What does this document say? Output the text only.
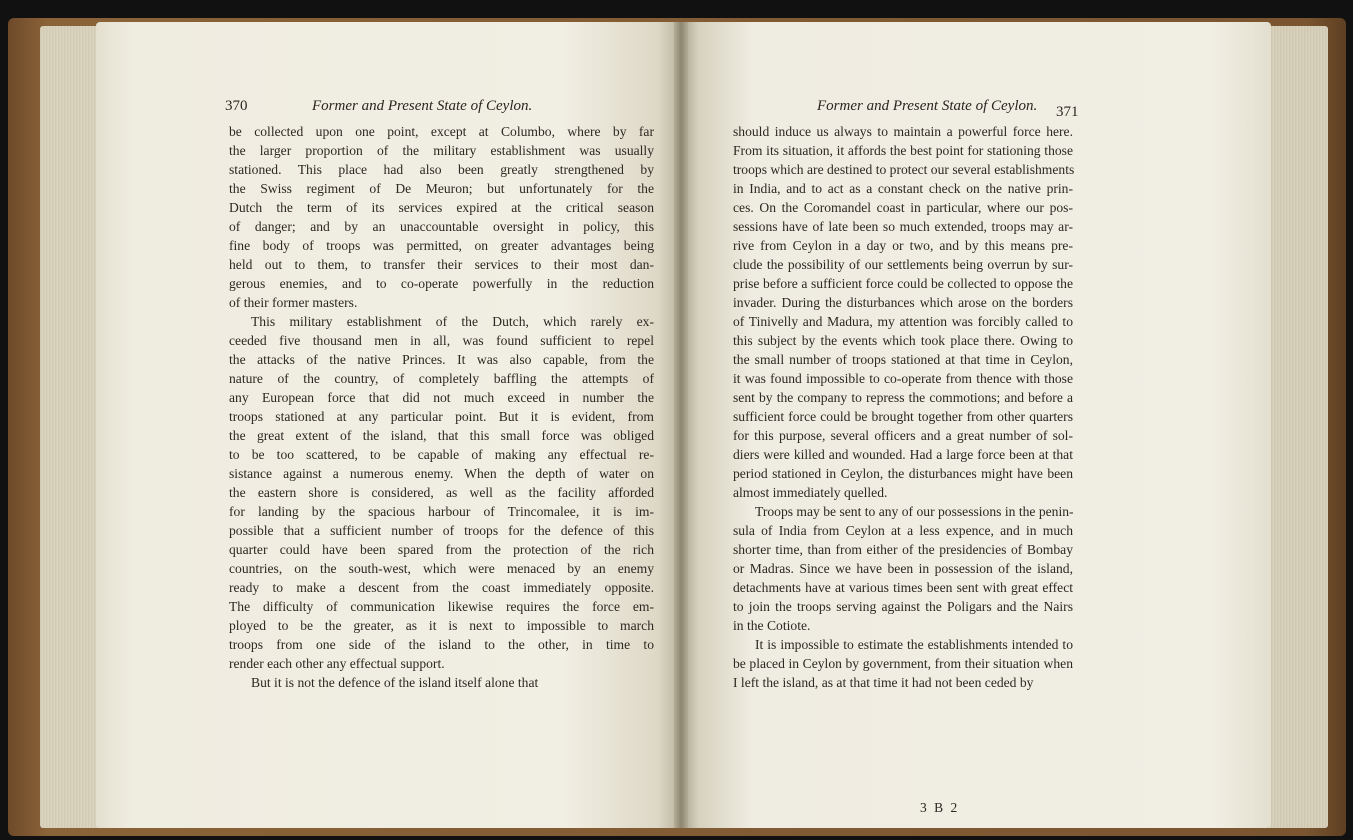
370	Former and Present State of Ceylon.	Former and Present State of Ceylon. 371
be collected upon one point, except at Columbo, where by far
the larger proportion of the military establishment was usually
stationed. This place had also been greatly strengthened by
the Swiss regiment of De Meuron; but unfortunately for the
Dutch the term of its services expired at the critical season
of danger; and by an unaccountable oversight in policy, this
fine body of troops was permitted, on greater advantages being
held out to them, to transfer their services to their most dan-
gerous enemies, and to co-operate powerfully in the reduction
of their former masters.
This military establishment of the Dutch, which rarely ex-
ceeded five thousand men in all, was found sufficient to repel
the attacks of the native Princes. It was also capable, from the
nature of the country, of completely baffling the attempts of
any European force that did not much exceed in number the
troops stationed at any particular point. But it is evident, from
the great extent of the island, that this small force was obliged
to be too scattered, to be capable of making any effectual re-
sistance against a numerous enemy. When the depth of water on
the eastern shore is considered, as well as the facility afforded
for landing by the spacious harbour of Trincomalee, it is im-
possible that a sufficient number of troops for the defence of this
quarter could have been spared from the protection of the rich
countries, on the south-west, which were menaced by an enemy
ready to make a descent from the coast immediately opposite.
The difficulty of communication likewise requires the force em-
ployed to be the greater, as it is next to impossible to march
troops from one side of the island to the other, in time to
render each other any effectual support.
But it is not the defence of the island itself alone that
should induce us always to maintain a powerful force here.
From its situation, it affords the best point for stationing those
troops which are destined to protect our several establishments
in India, and to act as a constant check on the native prin-
ces. On the Coromandel coast in particular, where our pos-
sessions have of late been so much extended, troops may ar-
rive from Ceylon in a day or two, and by this means pre-
clude the possibility of our settlements being overrun by sur-
prise before a sufficient force could be collected to oppose the
invader. During the disturbances which arose on the borders
of Tinivelly and Madura, my attention was forcibly called to
this subject by the events which took place there. Owing to
the small number of troops stationed at that time in Ceylon,
it was found impossible to co-operate from thence with those
sent by the company to repress the commotions; and before a
sufficient force could be brought together from other quarters
for this purpose, several officers and a great number of sol-
diers were killed and wounded. Had a large force been at that
period stationed in Ceylon, the disturbances might have been
almost immediately quelled.
Troops may be sent to any of our possessions in the penin-
sula of India from Ceylon at a less expence, and in much
shorter time, than from either of the presidencies of Bombay
or Madras. Since we have been in possession of the island,
detachments have at various times been sent with great effect
to join the troops serving against the Poligars and the Nairs
in the Cotiote.
It is impossible to estimate the establishments intended to
be placed in Ceylon by government, from their situation when
I left the island, as at that time it had not been ceded by
3 B 2
